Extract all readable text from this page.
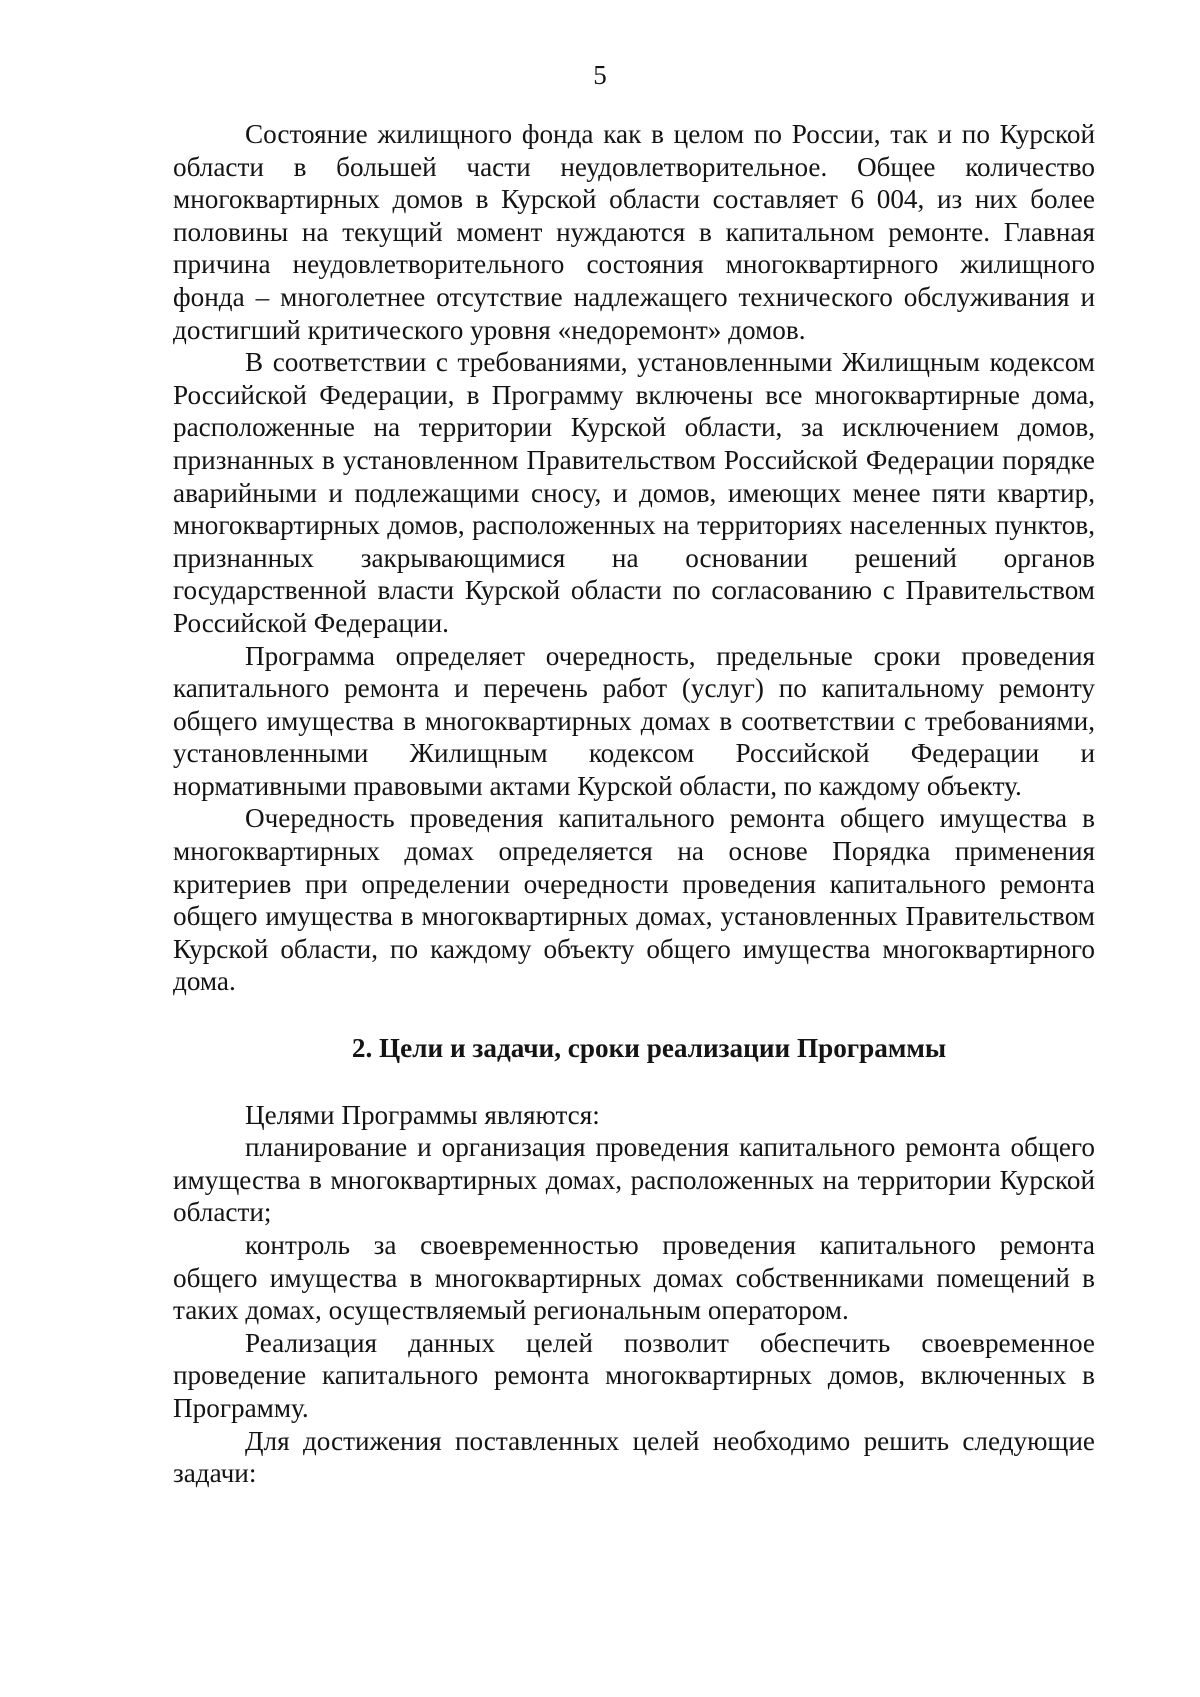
5

Состояние жилищного фонда как в целом по России, так и по Курской области в большей части неудовлетворительное. Общее количество многоквартирных домов в Курской области составляет 6 004, из них более половины на текущий момент нуждаются в капитальном ремонте. Главная причина неудовлетворительного состояния многоквартирного жилищного фонда – многолетнее отсутствие надлежащего технического обслуживания и достигший критического уровня «недоремонт» домов.

В соответствии с требованиями, установленными Жилищным кодексом Российской Федерации, в Программу включены все многоквартирные дома, расположенные на территории Курской области, за исключением домов, признанных в установленном Правительством Российской Федерации порядке аварийными и подлежащими сносу, и домов, имеющих менее пяти квартир, многоквартирных домов, расположенных на территориях населенных пунктов, признанных закрывающимися на основании решений органов государственной власти Курской области по согласованию с Правительством Российской Федерации.

Программа определяет очередность, предельные сроки проведения капитального ремонта и перечень работ (услуг) по капитальному ремонту общего имущества в многоквартирных домах в соответствии с требованиями, установленными Жилищным кодексом Российской Федерации и нормативными правовыми актами Курской области, по каждому объекту.

Очередность проведения капитального ремонта общего имущества в многоквартирных домах определяется на основе Порядка применения критериев при определении очередности проведения капитального ремонта общего имущества в многоквартирных домах, установленных Правительством Курской области, по каждому объекту общего имущества многоквартирного дома.

2. Цели и задачи, сроки реализации Программы

Целями Программы являются:

планирование и организация проведения капитального ремонта общего имущества в многоквартирных домах, расположенных на территории Курской области;

контроль за своевременностью проведения капитального ремонта общего имущества в многоквартирных домах собственниками помещений в таких домах, осуществляемый региональным оператором.

Реализация данных целей позволит обеспечить своевременное проведение капитального ремонта многоквартирных домов, включенных в Программу.

Для достижения поставленных целей необходимо решить следующие задачи:
